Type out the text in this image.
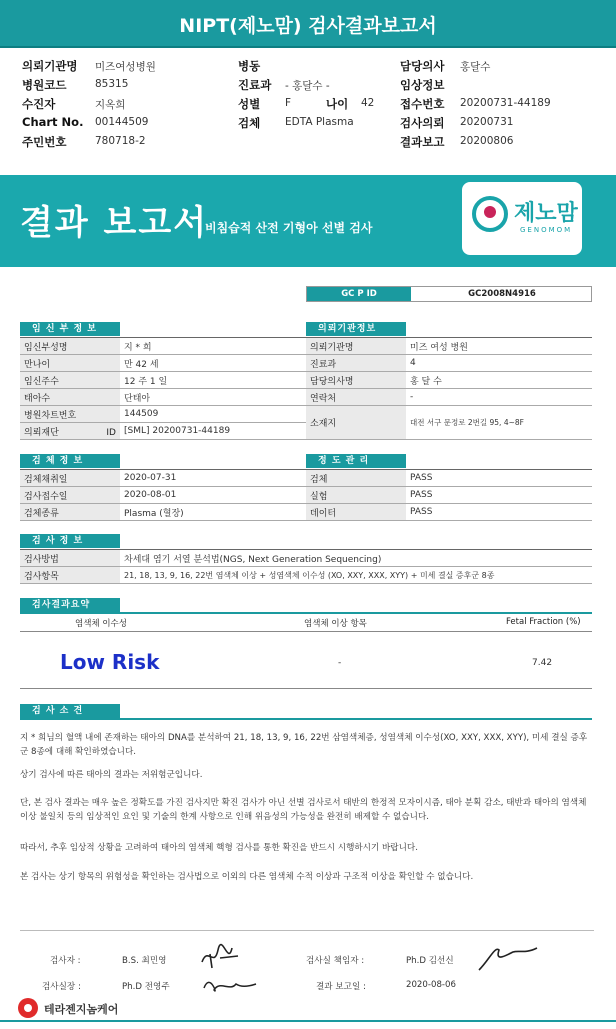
NIPT(제노맘) 검사결과보고서
의뢰기관명 미즈여성병원
병원코드	85315
수진자	지옥희
Chart No. 00144509
주민번호	780718-2
병동
진료과 - 홍달수 -
성별 F	나이 42
검체 EDTA Plasma
담당의사 홍달수
임상정보
접수번호 20200731-44189
검사의뢰 20200731
결과보고 20200806
결과 보고서
비침습적 산전 기형아 선별 검사
제노맘
GENOMOM
GC P ID	GC2008N4916
임 신 부 정 보
임신부성명	지 * 희
만나이	만 42 세
임신주수	12 주 1 일
태아수	단태아
병원차트번호	144509
의뢰재단 ID	[SML] 20200731-44189
의뢰기관정보
의뢰기관명	미즈 여성 병원
진료과	4
담당의사명	홍 달 수
연락처	-
소재지	대전 서구 문정로 2번길 95, 4~8F
검 체 정 보
검체채취일	2020-07-31
검사접수일	2020-08-01
검체종류	Plasma (혈장)
정 도 관 리
검체	PASS
실험	PASS
데이터	PASS
검 사 정 보
검사방법	차세대 염기 서열 분석법(NGS, Next Generation Sequencing)
검사항목	21, 18, 13, 9, 16, 22번 염색체 이상 + 성염색체 이수성 (XO, XXY, XXX, XYY) + 미세 결실 증후군 8종
검사결과요약
염색체 이수성	염색체 이상 항목	Fetal Fraction (%)
Low Risk	-	7.42
검 사 소 견

지 * 희님의 혈액 내에 존재하는 태아의 DNA를 분석하여 21, 18, 13, 9, 16, 22번 삼염색체증, 성염색체 이수성(XO, XXY, XXX, XYY), 미세 결실 증후군 8종에 대해 확인하였습니다.

상기 검사에 따른 태아의 결과는 저위험군입니다.

단, 본 검사 결과는 매우 높은 정확도를 가진 검사지만 확진 검사가 아닌 선별 검사로서 태반의 한정적 모자이시즘, 태아 분획 감소, 태반과 태아의 염색체 이상 불일치 등의 임상적인 요인 및 기술의 한계 사항으로 인해 위음성의 가능성을 완전히 배제할 수 없습니다.

따라서, 추후 임상적 상황을 고려하여 태아의 염색체 핵형 검사를 통한 확진을 반드시 시행하시기 바랍니다.

본 검사는 상기 항목의 위험성을 확인하는 검사법으로 이외의 다른 염색체 수적 이상과 구조적 이상을 확인할 수 없습니다.

검사자 :	B.S. 최민영
검사실장 :	Ph.D 전영주
검사실 책임자 :	Ph.D 김선신
결과 보고일 :	2020-08-06
테라젠지놈케어
